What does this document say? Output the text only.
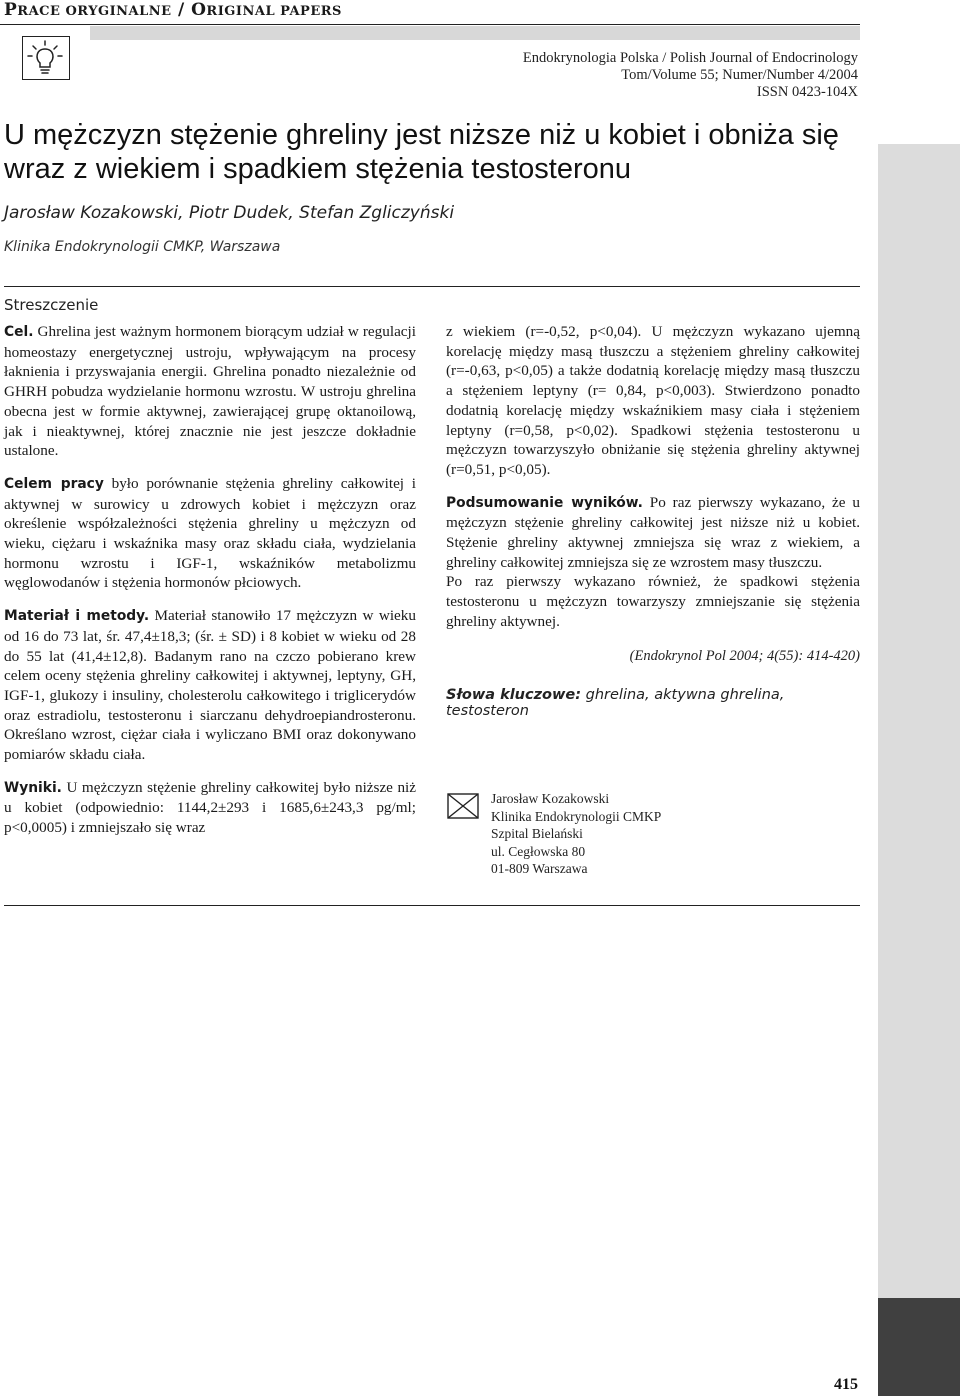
PRACE ORYGINALNE / ORIGINAL PAPERS
Endokrynologia Polska / Polish Journal of Endocrinology
Tom/Volume 55; Numer/Number 4/2004
ISSN 0423-104X
U mężczyzn stężenie ghreliny jest niższe niż u kobiet i obniża się
wraz z wiekiem i spadkiem stężenia testosteronu
Jarosław Kozakowski, Piotr Dudek, Stefan Zgliczyński
Klinika Endokrynologii CMKP, Warszawa
Streszczenie

Cel. Ghrelina jest ważnym hormonem biorącym udział w regulacji homeostazy energetycznej ustroju, wpływającym na procesy łaknienia i przyswajania energii. Ghrelina ponadto niezależnie od GHRH pobudza wydzielanie hormonu wzrostu. W ustroju ghrelina obecna jest w formie aktywnej, zawierającej grupę oktanoilową, jak i nieaktywnej, której znacznie nie jest jeszcze dokładnie ustalone.

Celem pracy było porównanie stężenia ghreliny całkowitej i aktywnej w surowicy u zdrowych kobiet i mężczyzn oraz określenie współzależności stężenia ghreliny u mężczyzn od wieku, ciężaru i wskaźnika masy oraz składu ciała, wydzielania hormonu wzrostu i IGF-1, wskaźników metabolizmu węglowodanów i stężenia hormonów płciowych.

Materiał i metody. Materiał stanowiło 17 mężczyzn w wieku od 16 do 73 lat, śr. 47,4±18,3; (śr. ± SD) i 8 kobiet w wieku od 28 do 55 lat (41,4±12,8). Badanym rano na czczo pobierano krew celem oceny stężenia ghreliny całkowitej i aktywnej, leptyny, GH, IGF-1, glukozy i insuliny, cholesterolu całkowitego i triglicerydów oraz estradiolu, testosteronu i siarczanu dehydroepiandrosteronu. Określano wzrost, ciężar ciała i wyliczano BMI oraz dokonywano pomiarów składu ciała.

Wyniki. U mężczyzn stężenie ghreliny całkowitej było niższe niż u kobiet (odpowiednio: 1144,2±293 i 1685,6±243,3 pg/ml; p<0,0005) i zmniejszało się wraz

z wiekiem (r=-0,52, p<0,04). U mężczyzn wykazano ujemną korelację między masą tłuszczu a stężeniem ghreliny całkowitej (r=-0,63, p<0,05) a także dodatnią korelację między masą tłuszczu a stężeniem leptyny (r= 0,84, p<0,003). Stwierdzono ponadto dodatnią korelację między wskaźnikiem masy ciała i stężeniem leptyny (r=0,58, p<0,02). Spadkowi stężenia testosteronu u mężczyzn towarzyszyło obniżanie się stężenia ghreliny aktywnej (r=0,51, p<0,05).

Podsumowanie wyników. Po raz pierwszy wykazano, że u mężczyzn stężenie ghreliny całkowitej jest niższe niż u kobiet. Stężenie ghreliny aktywnej zmniejsza się wraz z wiekiem, a ghreliny całkowitej zmniejsza się ze wzrostem masy tłuszczu.

Po raz pierwszy wykazano również, że spadkowi stężenia testosteronu u mężczyzn towarzyszy zmniejszanie się stężenia ghreliny aktywnej.

(Endokrynol Pol 2004; 4(55): 414-420)

Słowa kluczowe: ghrelina, aktywna ghrelina, testosteron
Jarosław Kozakowski
Klinika Endokrynologii CMKP
Szpital Bielański
ul. Cegłowska 80
01-809 Warszawa
415
